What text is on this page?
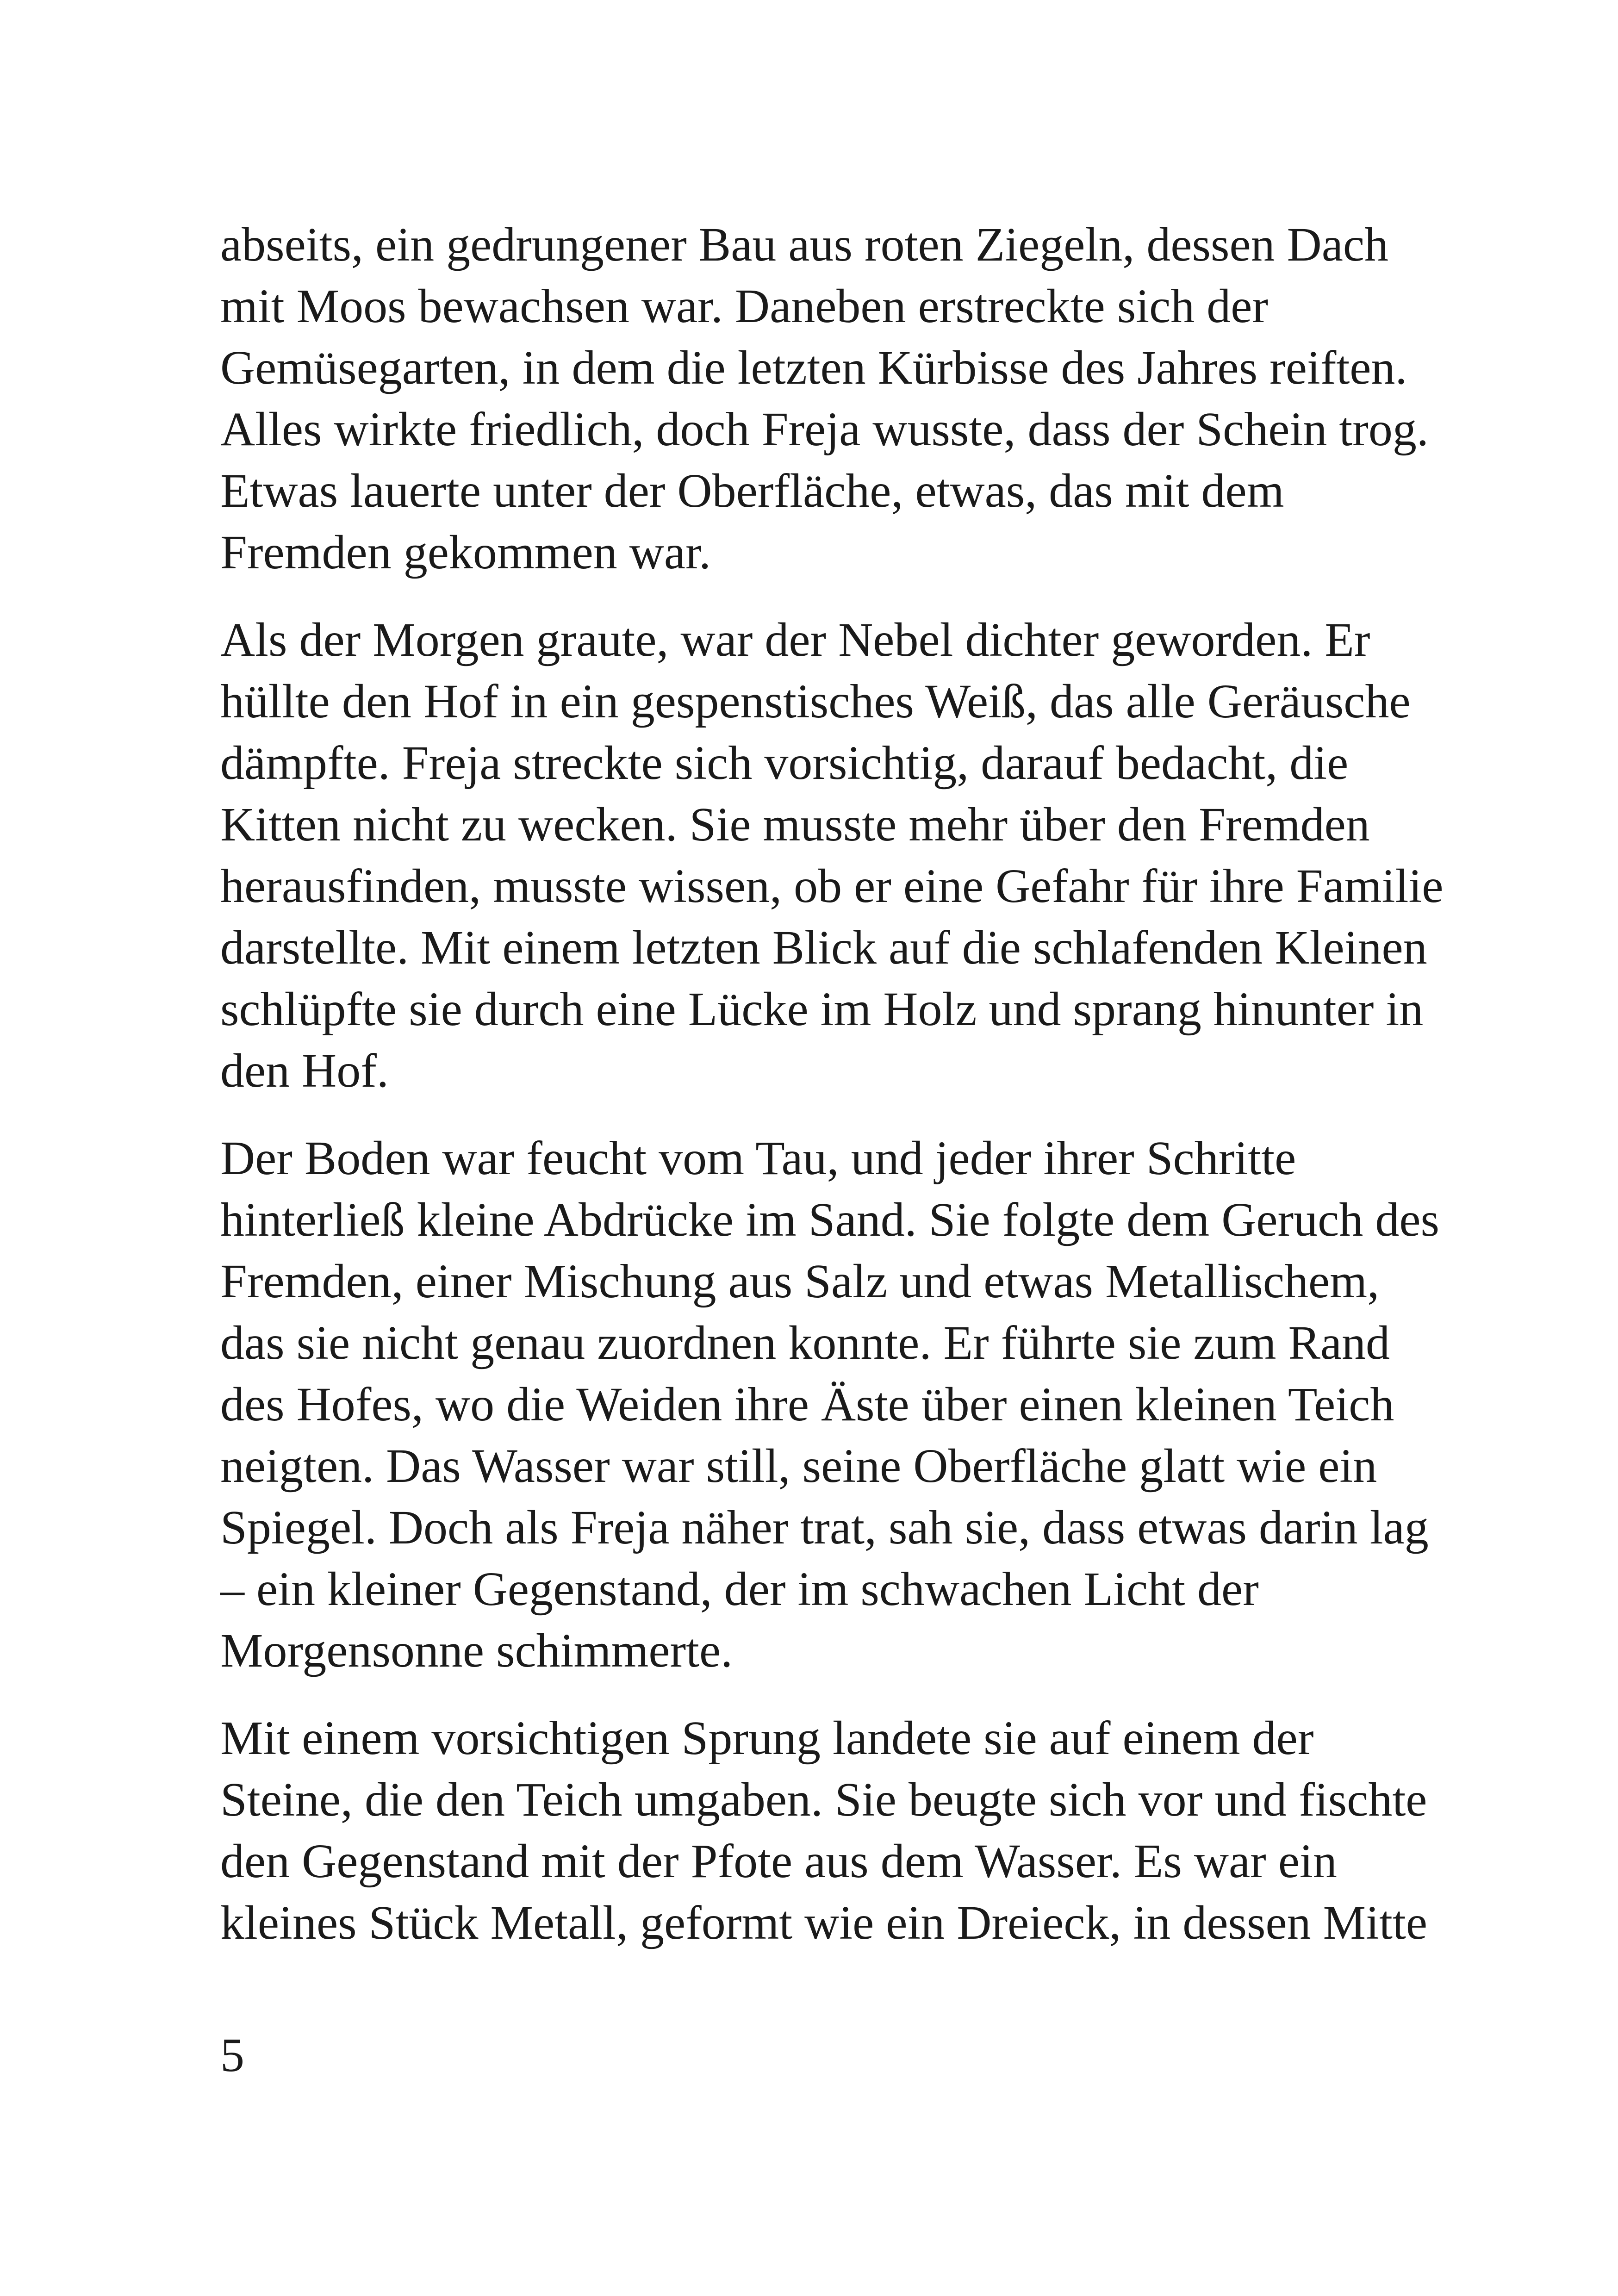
abseits, ein gedrungener Bau aus roten Ziegeln, dessen Dach
mit Moos bewachsen war. Daneben erstreckte sich der
Gemüsegarten, in dem die letzten Kürbisse des Jahres reiften.
Alles wirkte friedlich, doch Freja wusste, dass der Schein trog.
Etwas lauerte unter der Oberfläche, etwas, das mit dem
Fremden gekommen war.

Als der Morgen graute, war der Nebel dichter geworden. Er
hüllte den Hof in ein gespenstisches Weiß, das alle Geräusche
dämpfte. Freja streckte sich vorsichtig, darauf bedacht, die
Kitten nicht zu wecken. Sie musste mehr über den Fremden
herausfinden, musste wissen, ob er eine Gefahr für ihre Familie
darstellte. Mit einem letzten Blick auf die schlafenden Kleinen
schlüpfte sie durch eine Lücke im Holz und sprang hinunter in
den Hof.

Der Boden war feucht vom Tau, und jeder ihrer Schritte
hinterließ kleine Abdrücke im Sand. Sie folgte dem Geruch des
Fremden, einer Mischung aus Salz und etwas Metallischem,
das sie nicht genau zuordnen konnte. Er führte sie zum Rand
des Hofes, wo die Weiden ihre Äste über einen kleinen Teich
neigten. Das Wasser war still, seine Oberfläche glatt wie ein
Spiegel. Doch als Freja näher trat, sah sie, dass etwas darin lag
– ein kleiner Gegenstand, der im schwachen Licht der
Morgensonne schimmerte.

Mit einem vorsichtigen Sprung landete sie auf einem der
Steine, die den Teich umgaben. Sie beugte sich vor und fischte
den Gegenstand mit der Pfote aus dem Wasser. Es war ein
kleines Stück Metall, geformt wie ein Dreieck, in dessen Mitte

5
